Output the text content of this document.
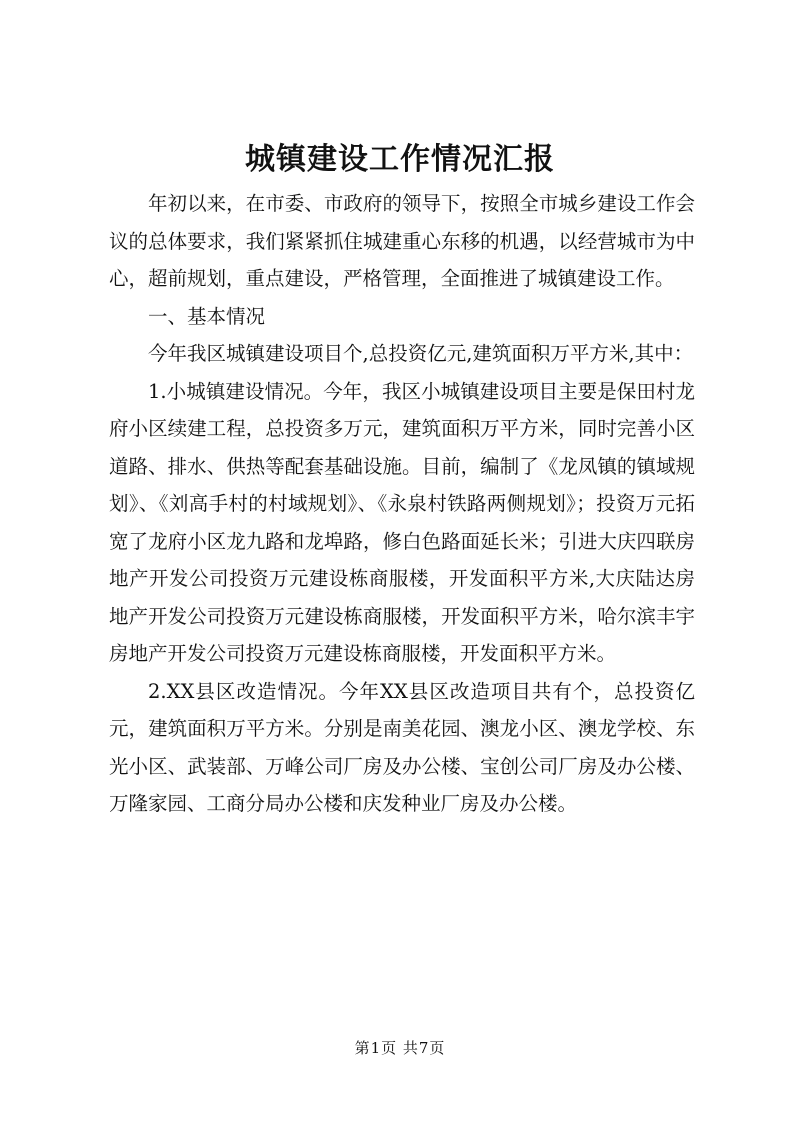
城镇建设工作情况汇报

年初以来，在市委、市政府的领导下，按照全市城乡建设工作会议的总体要求，我们紧紧抓住城建重心东移的机遇，以经营城市为中心，超前规划，重点建设，严格管理，全面推进了城镇建设工作。

一、基本情况

今年我区城镇建设项目个,总投资亿元,建筑面积万平方米,其中：

1.小城镇建设情况。今年，我区小城镇建设项目主要是保田村龙府小区续建工程，总投资多万元，建筑面积万平方米，同时完善小区道路、排水、供热等配套基础设施。目前，编制了《龙凤镇的镇域规划》、《刘高手村的村域规划》、《永泉村铁路两侧规划》；投资万元拓宽了龙府小区龙九路和龙埠路，修白色路面延长米；引进大庆四联房地产开发公司投资万元建设栋商服楼，开发面积平方米,大庆陆达房地产开发公司投资万元建设栋商服楼，开发面积平方米，哈尔滨丰宇房地产开发公司投资万元建设栋商服楼，开发面积平方米。

2.XX县区改造情况。今年XX县区改造项目共有个，总投资亿元，建筑面积万平方米。分别是南美花园、澳龙小区、澳龙学校、东光小区、武装部、万峰公司厂房及办公楼、宝创公司厂房及办公楼、万隆家园、工商分局办公楼和庆发种业厂房及办公楼。

第1页 共7页
